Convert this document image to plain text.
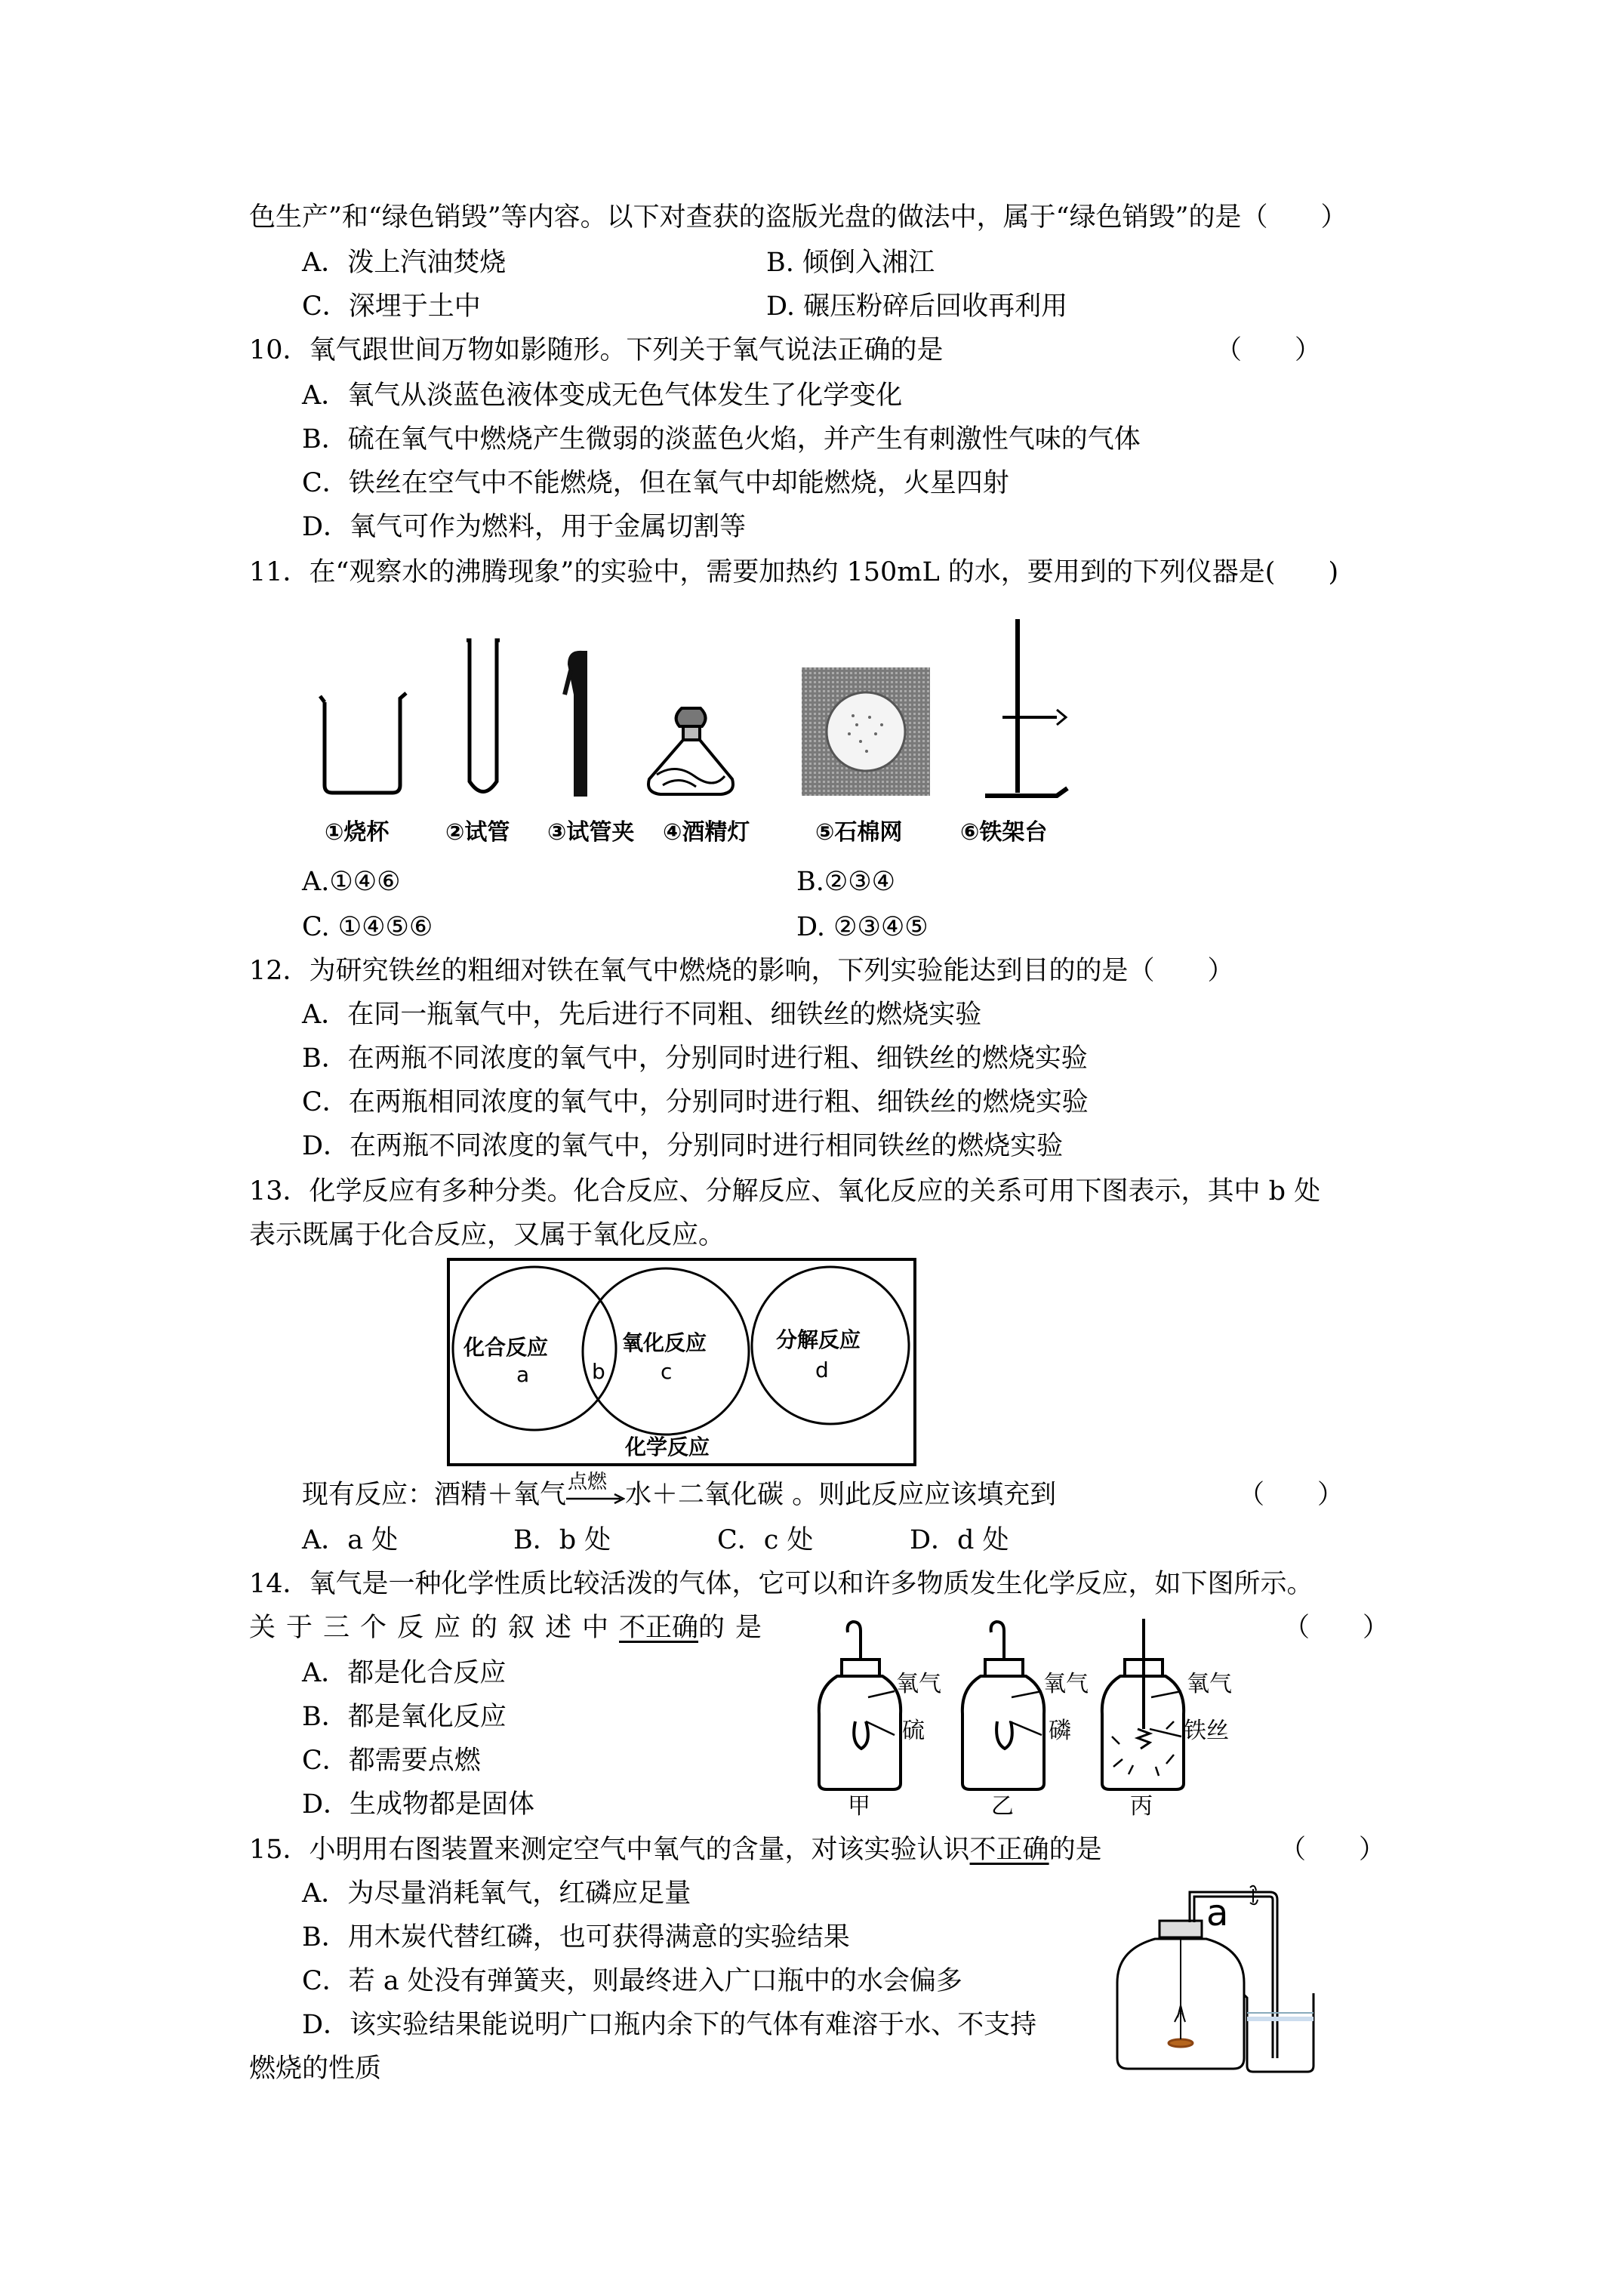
色生产”和“绿色销毁”等内容。以下对查获的盗版光盘的做法中，属于“绿色销毁”的是（　　）
A．泼上汽油焚烧	B. 倾倒入湘江
C．深埋于土中	D. 碾压粉碎后回收再利用
10．氧气跟世间万物如影随形。下列关于氧气说法正确的是	（　　）
A．氧气从淡蓝色液体变成无色气体发生了化学变化
B．硫在氧气中燃烧产生微弱的淡蓝色火焰，并产生有刺激性气味的气体
C．铁丝在空气中不能燃烧，但在氧气中却能燃烧，火星四射
D．氧气可作为燃料，用于金属切割等
11．在“观察水的沸腾现象”的实验中，需要加热约 150mL 的水，要用到的下列仪器是(　　)
①烧杯 ②试管 ③试管夹 ④酒精灯	⑤石棉网	⑥铁架台
A.①④⑥	B.②③④
C. ①④⑤⑥	D. ②③④⑤
12．为研究铁丝的粗细对铁在氧气中燃烧的影响，下列实验能达到目的的是（　　）
A．在同一瓶氧气中，先后进行不同粗、细铁丝的燃烧实验
B．在两瓶不同浓度的氧气中，分别同时进行粗、细铁丝的燃烧实验
C．在两瓶相同浓度的氧气中，分别同时进行粗、细铁丝的燃烧实验
D．在两瓶不同浓度的氧气中，分别同时进行相同铁丝的燃烧实验
13．化学反应有多种分类。化合反应、分解反应、氧化反应的关系可用下图表示，其中 b 处
表示既属于化合反应，又属于氧化反应。
化合反应
a	b
氧化反应
c
分解反应
d
化学反应
现有反应：酒精＋氧气 点燃 水＋二氧化碳 。则此反应应该填充到	（　　）
A．a 处	B．b 处	C．c 处	D．d 处
14．氧气是一种化学性质比较活泼的气体，它可以和许多物质发生化学反应，如下图所示。
关于三个反应的叙述中不正确的是	（　　）
A．都是化合反应
B．都是氧化反应
C．都需要点燃
D．生成物都是固体
氧气
硫
氧气
磷
氧气
铁丝
甲	乙	丙
15．小明用右图装置来测定空气中氧气的含量，对该实验认识不正确的是	（　　）
A．为尽量消耗氧气，红磷应足量
B．用木炭代替红磷，也可获得满意的实验结果
C．若 a 处没有弹簧夹，则最终进入广口瓶中的水会偏多
D．该实验结果能说明广口瓶内余下的气体有难溶于水、不支持
燃烧的性质
a
